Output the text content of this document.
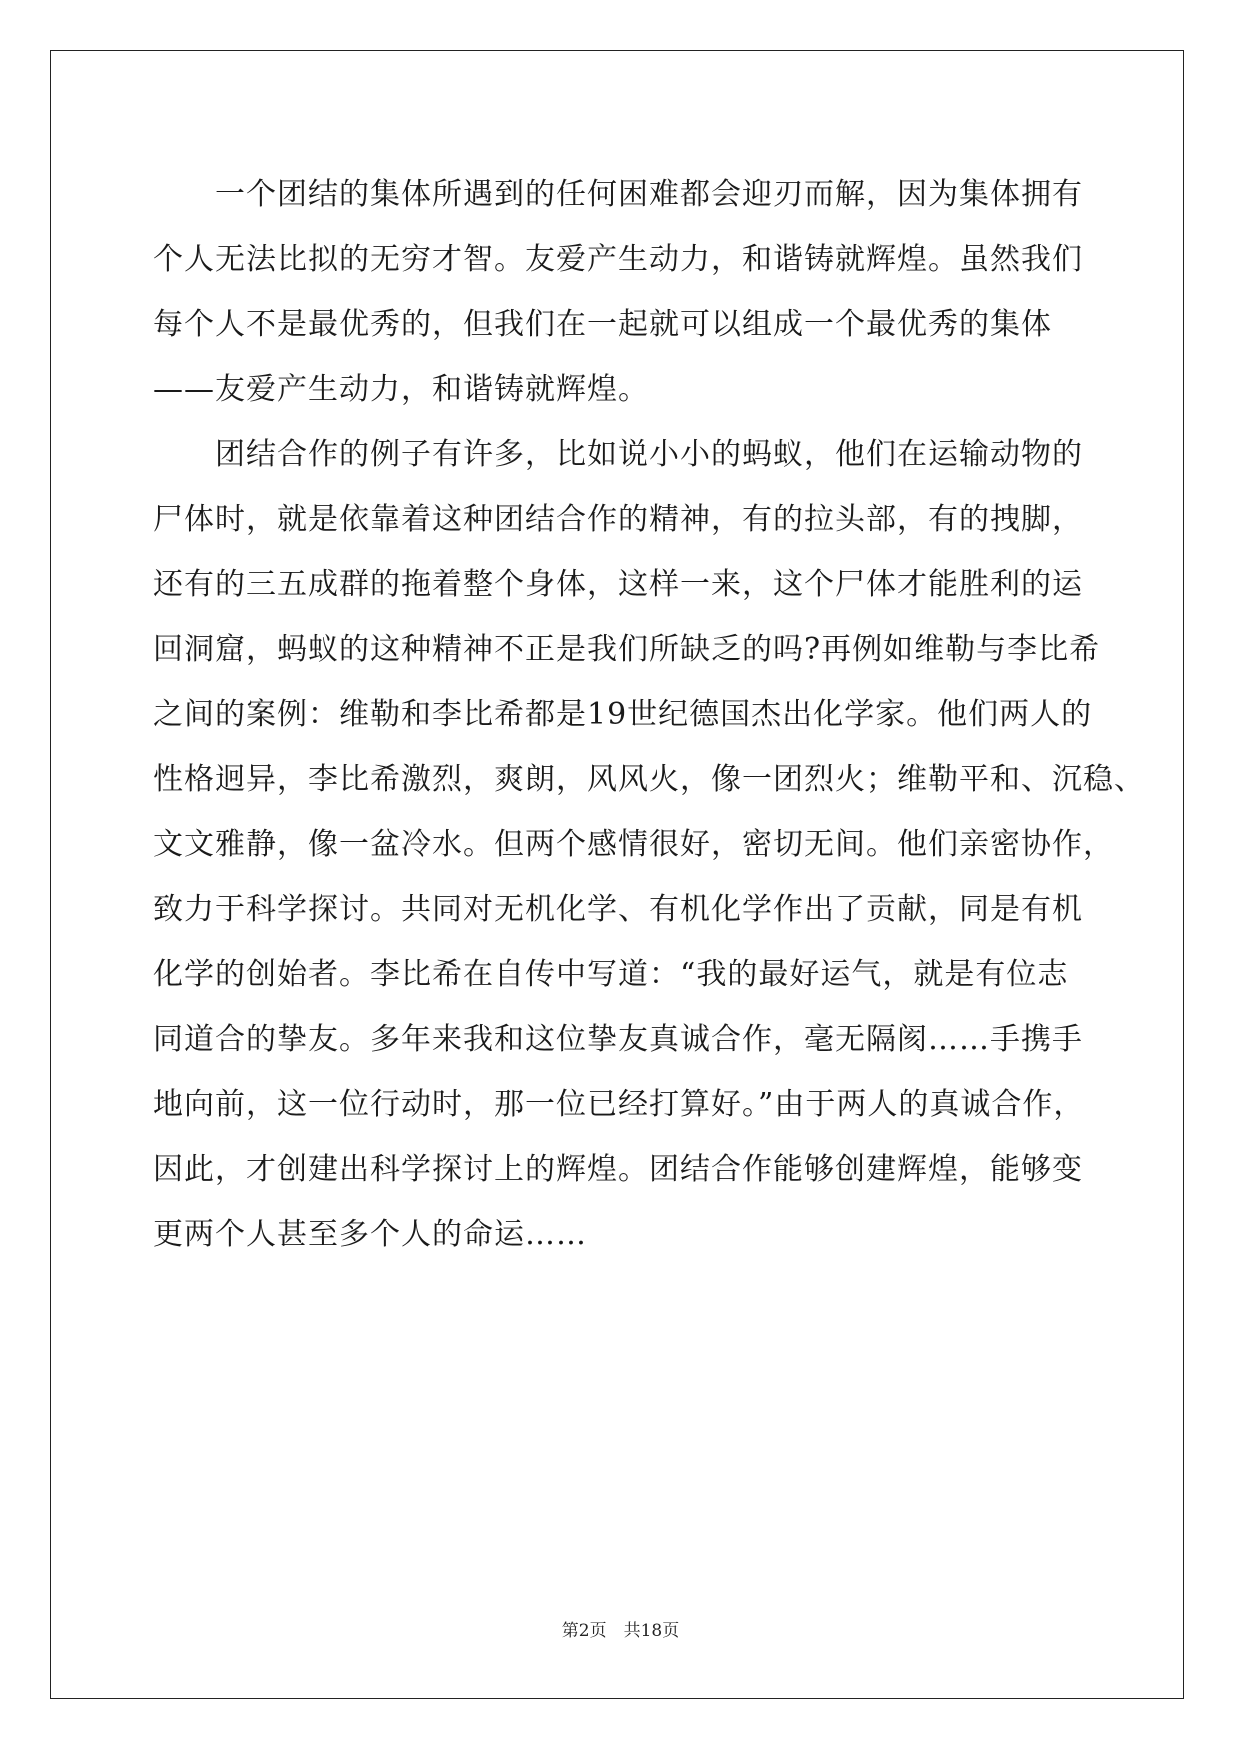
一个团结的集体所遇到的任何困难都会迎刃而解，因为集体拥有
个人无法比拟的无穷才智。友爱产生动力，和谐铸就辉煌。虽然我们
每个人不是最优秀的，但我们在一起就可以组成一个最优秀的集体
——友爱产生动力，和谐铸就辉煌。
团结合作的例子有许多，比如说小小的蚂蚁，他们在运输动物的
尸体时，就是依靠着这种团结合作的精神，有的拉头部，有的拽脚，
还有的三五成群的拖着整个身体，这样一来，这个尸体才能胜利的运
回洞窟，蚂蚁的这种精神不正是我们所缺乏的吗?再例如维勒与李比希
之间的案例：维勒和李比希都是19世纪德国杰出化学家。他们两人的
性格迥异，李比希激烈，爽朗，风风火，像一团烈火；维勒平和、沉稳、
文文雅静，像一盆冷水。但两个感情很好，密切无间。他们亲密协作，
致力于科学探讨。共同对无机化学、有机化学作出了贡献，同是有机
化学的创始者。李比希在自传中写道：“我的最好运气，就是有位志
同道合的挚友。多年来我和这位挚友真诚合作，毫无隔阂……手携手
地向前，这一位行动时，那一位已经打算好。”由于两人的真诚合作，
因此，才创建出科学探讨上的辉煌。团结合作能够创建辉煌，能够变
更两个人甚至多个人的命运……
第2页　共18页
